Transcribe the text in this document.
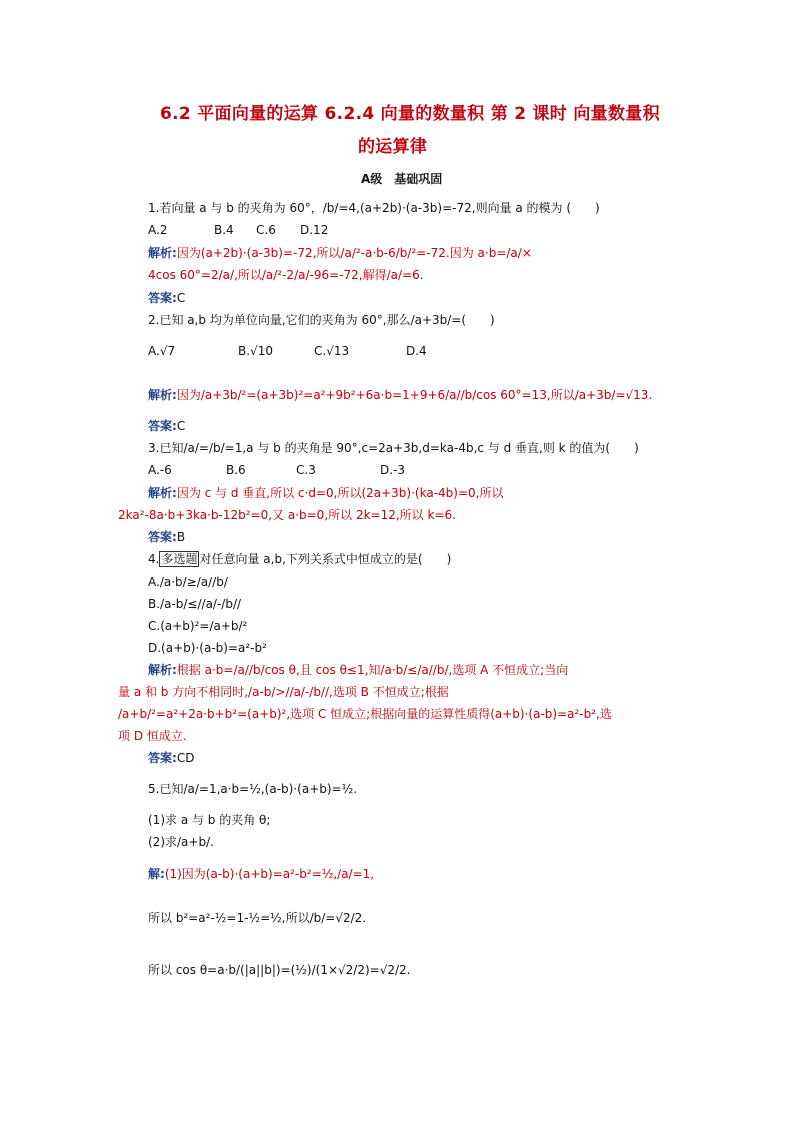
6.2 平面向量的运算 6.2.4 向量的数量积 第 2 课时 向量数量积
的运算律
A级　基础巩固
1.若向量 a 与 b 的夹角为 60°，/b/=4,(a+2b)·(a-3b)=-72,则向量 a 的模为 (　　)
A.2	B.4 C.6 D.12
解析:因为(a+2b)·(a-3b)=-72,所以/a/²-a·b-6/b/²=-72.因为 a·b=/a/×
4cos 60°=2/a/,所以/a/²-2/a/-96=-72,解得/a/=6.
答案:C
2.已知 a,b 均为单位向量,它们的夹角为 60°,那么/a+3b/=(　　)
A.√7	B.√10	C.√13	D.4
解析:因为/a+3b/²=(a+3b)²=a²+9b²+6a·b=1+9+6/a//b/cos 60°=13,所以/a+3b/=√13.
答案:C
3.已知/a/=/b/=1,a 与 b 的夹角是 90°,c=2a+3b,d=ka-4b,c 与 d 垂直,则 k 的值为(　　)
A.-6	B.6	C.3	D.-3
解析:因为 c 与 d 垂直,所以 c·d=0,所以(2a+3b)·(ka-4b)=0,所以
2ka²-8a·b+3ka·b-12b²=0,又 a·b=0,所以 2k=12,所以 k=6.
答案:B
4. 多选题 对任意向量 a,b,下列关系式中恒成立的是(　　)
A./a·b/≥/a//b/
B./a-b/≤//a/-/b//
C.(a+b)²=/a+b/²
D.(a+b)·(a-b)=a²-b²
解析:根据 a·b=/a//b/cos θ,且 cos θ≤1,知/a·b/≤/a//b/,选项 A 不恒成立;当向
量 a 和 b 方向不相同时,/a-b/>//a/-/b//,选项 B 不恒成立;根据
/a+b/²=a²+2a·b+b²=(a+b)²,选项 C 恒成立;根据向量的运算性质得(a+b)·(a-b)=a²-b²,选
项 D 恒成立.
答案:CD
5.已知/a/=1,a·b=½,(a-b)·(a+b)=½.
(1)求 a 与 b 的夹角 θ;
(2)求/a+b/.
解:(1)因为(a-b)·(a+b)=a²-b²=½,/a/=1,
所以 b²=a²-½=1-½=½,所以/b/=√2/2.
所以 cos θ=a·b/(|a||b|)=(½)/(1×√2/2)=√2/2.
